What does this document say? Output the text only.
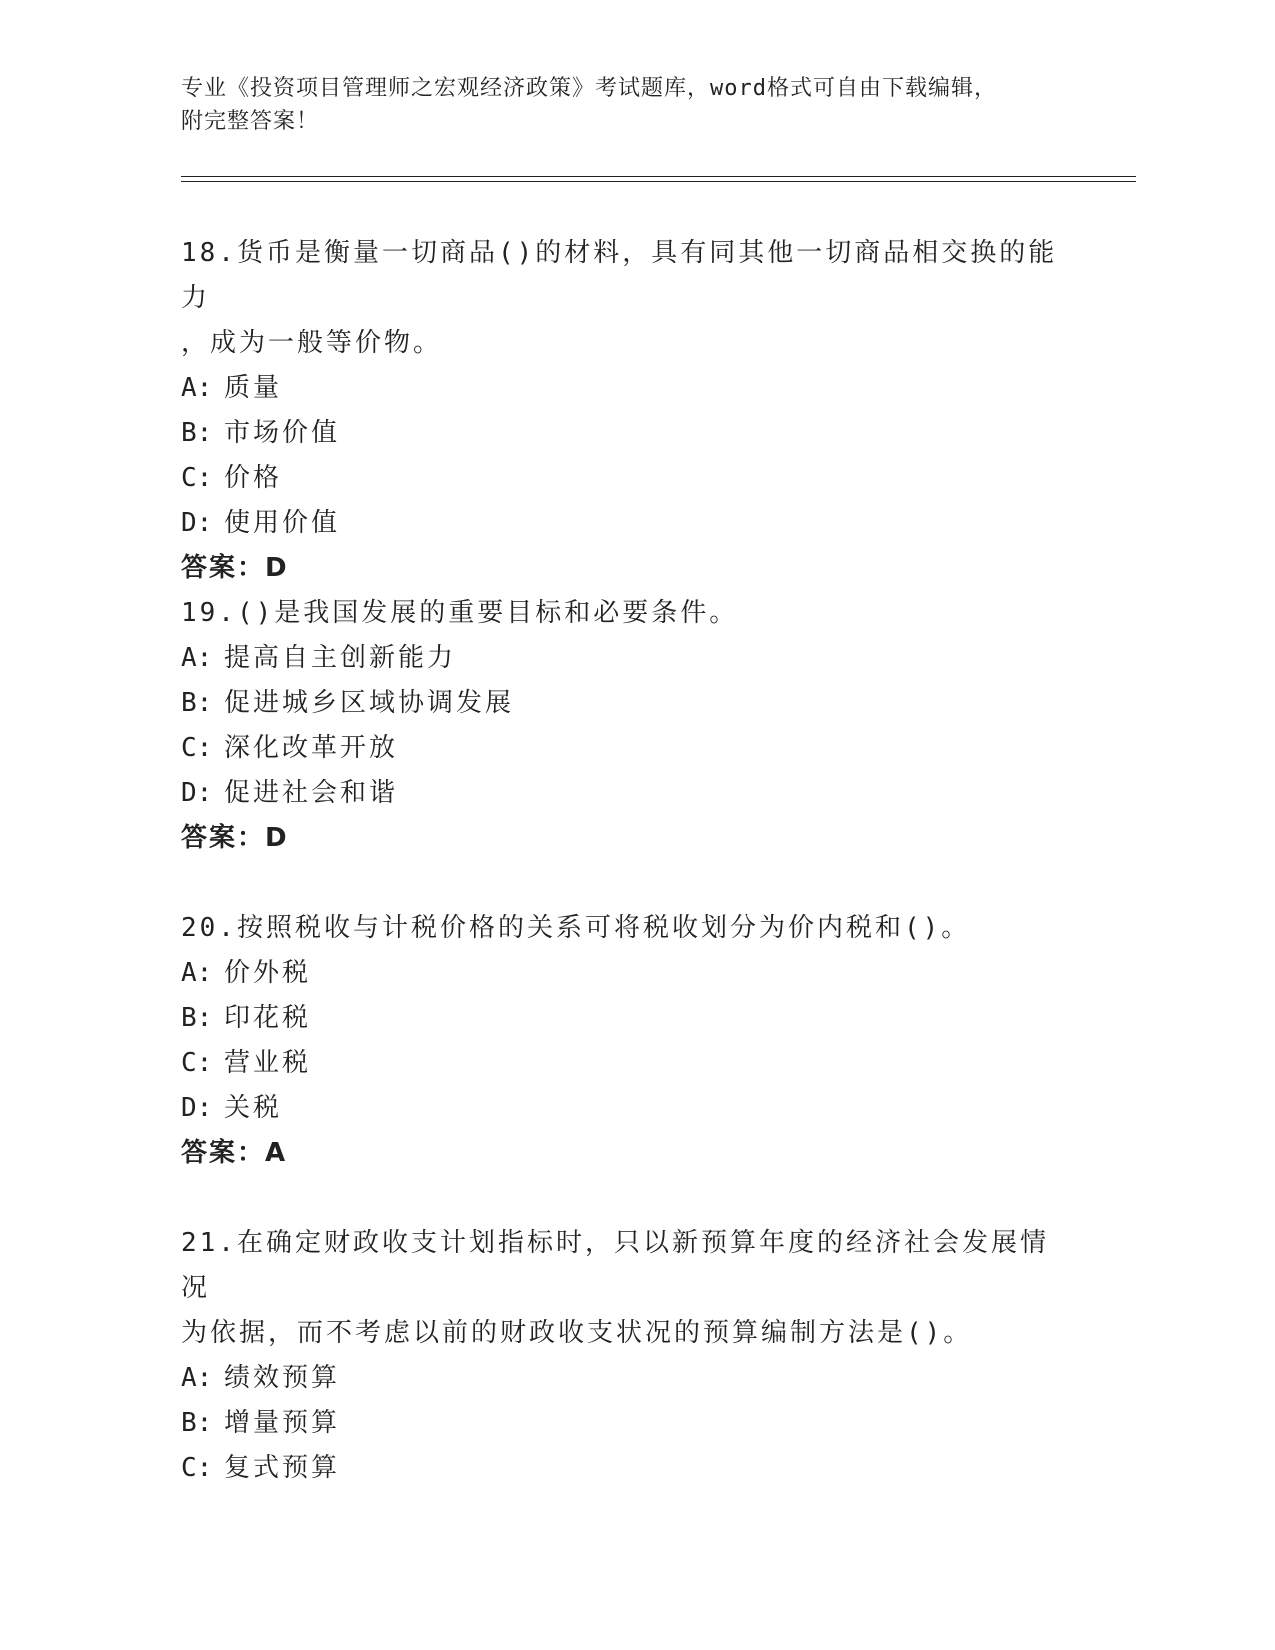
专业《投资项目管理师之宏观经济政策》考试题库，word格式可自由下载编辑，
附完整答案！

18.货币是衡量一切商品()的材料，具有同其他一切商品相交换的能力

，成为一般等价物。

A: 质量

B: 市场价值

C: 价格

D: 使用价值

答案：D

19.()是我国发展的重要目标和必要条件。

A: 提高自主创新能力

B: 促进城乡区域协调发展

C: 深化改革开放

D: 促进社会和谐

答案：D

20.按照税收与计税价格的关系可将税收划分为价内税和()。

A: 价外税

B: 印花税

C: 营业税

D: 关税

答案：A

21.在确定财政收支计划指标时，只以新预算年度的经济社会发展情况

为依据，而不考虑以前的财政收支状况的预算编制方法是()。

A: 绩效预算

B: 增量预算

C: 复式预算
